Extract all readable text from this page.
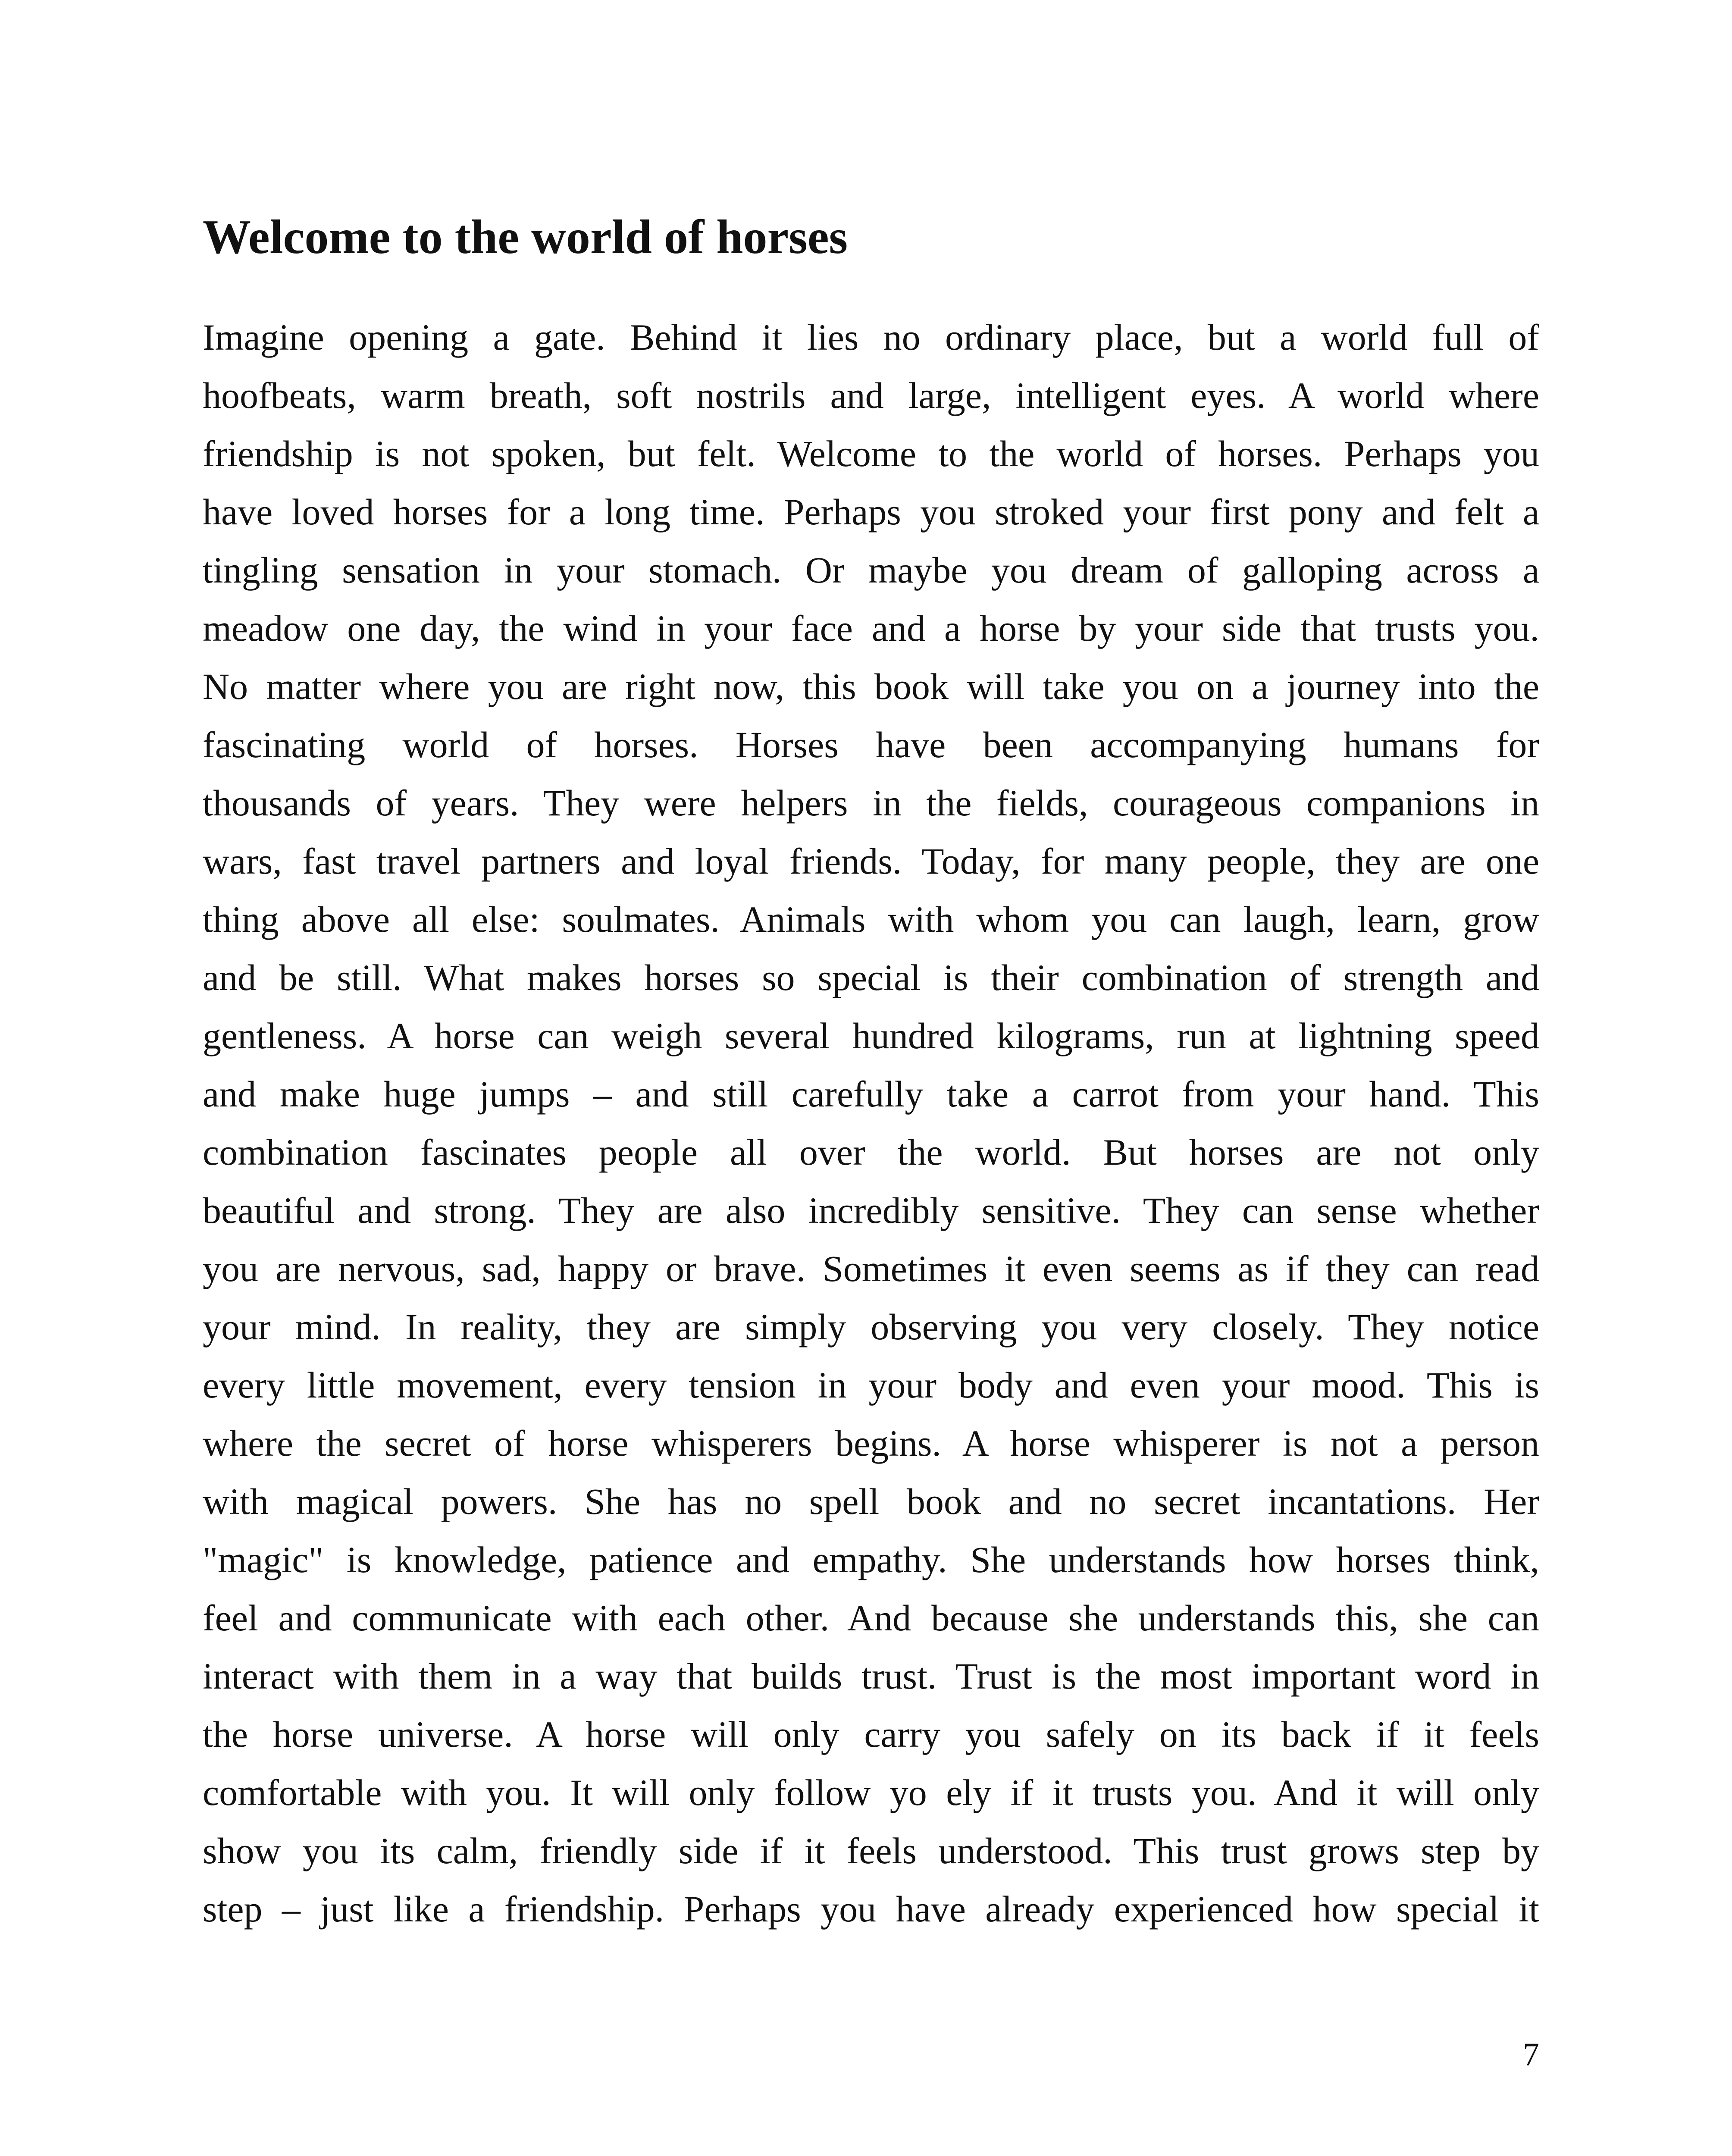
Welcome to the world of horses
Imagine opening a gate. Behind it lies no ordinary place, but a world full of
hoofbeats, warm breath, soft nostrils and large, intelligent eyes. A world where
friendship is not spoken, but felt. Welcome to the world of horses. Perhaps you
have loved horses for a long time. Perhaps you stroked your first pony and felt a
tingling sensation in your stomach. Or maybe you dream of galloping across a
meadow one day, the wind in your face and a horse by your side that trusts you.
No matter where you are right now, this book will take you on a journey into the
fascinating world of horses. Horses have been accompanying humans for
thousands of years. They were helpers in the fields, courageous companions in
wars, fast travel partners and loyal friends. Today, for many people, they are one
thing above all else: soulmates. Animals with whom you can laugh, learn, grow
and be still. What makes horses so special is their combination of strength and
gentleness. A horse can weigh several hundred kilograms, run at lightning speed
and make huge jumps – and still carefully take a carrot from your hand. This
combination fascinates people all over the world. But horses are not only
beautiful and strong. They are also incredibly sensitive. They can sense whether
you are nervous, sad, happy or brave. Sometimes it even seems as if they can read
your mind. In reality, they are simply observing you very closely. They notice
every little movement, every tension in your body and even your mood. This is
where the secret of horse whisperers begins. A horse whisperer is not a person
with magical powers. She has no spell book and no secret incantations. Her
"magic" is knowledge, patience and empathy. She understands how horses think,
feel and communicate with each other. And because she understands this, she can
interact with them in a way that builds trust. Trust is the most important word in
the horse universe. A horse will only carry you safely on its back if it feels
comfortable with you. It will only follow yo ely if it trusts you. And it will only
show you its calm, friendly side if it feels understood. This trust grows step by
step – just like a friendship. Perhaps you have already experienced how special it
7
